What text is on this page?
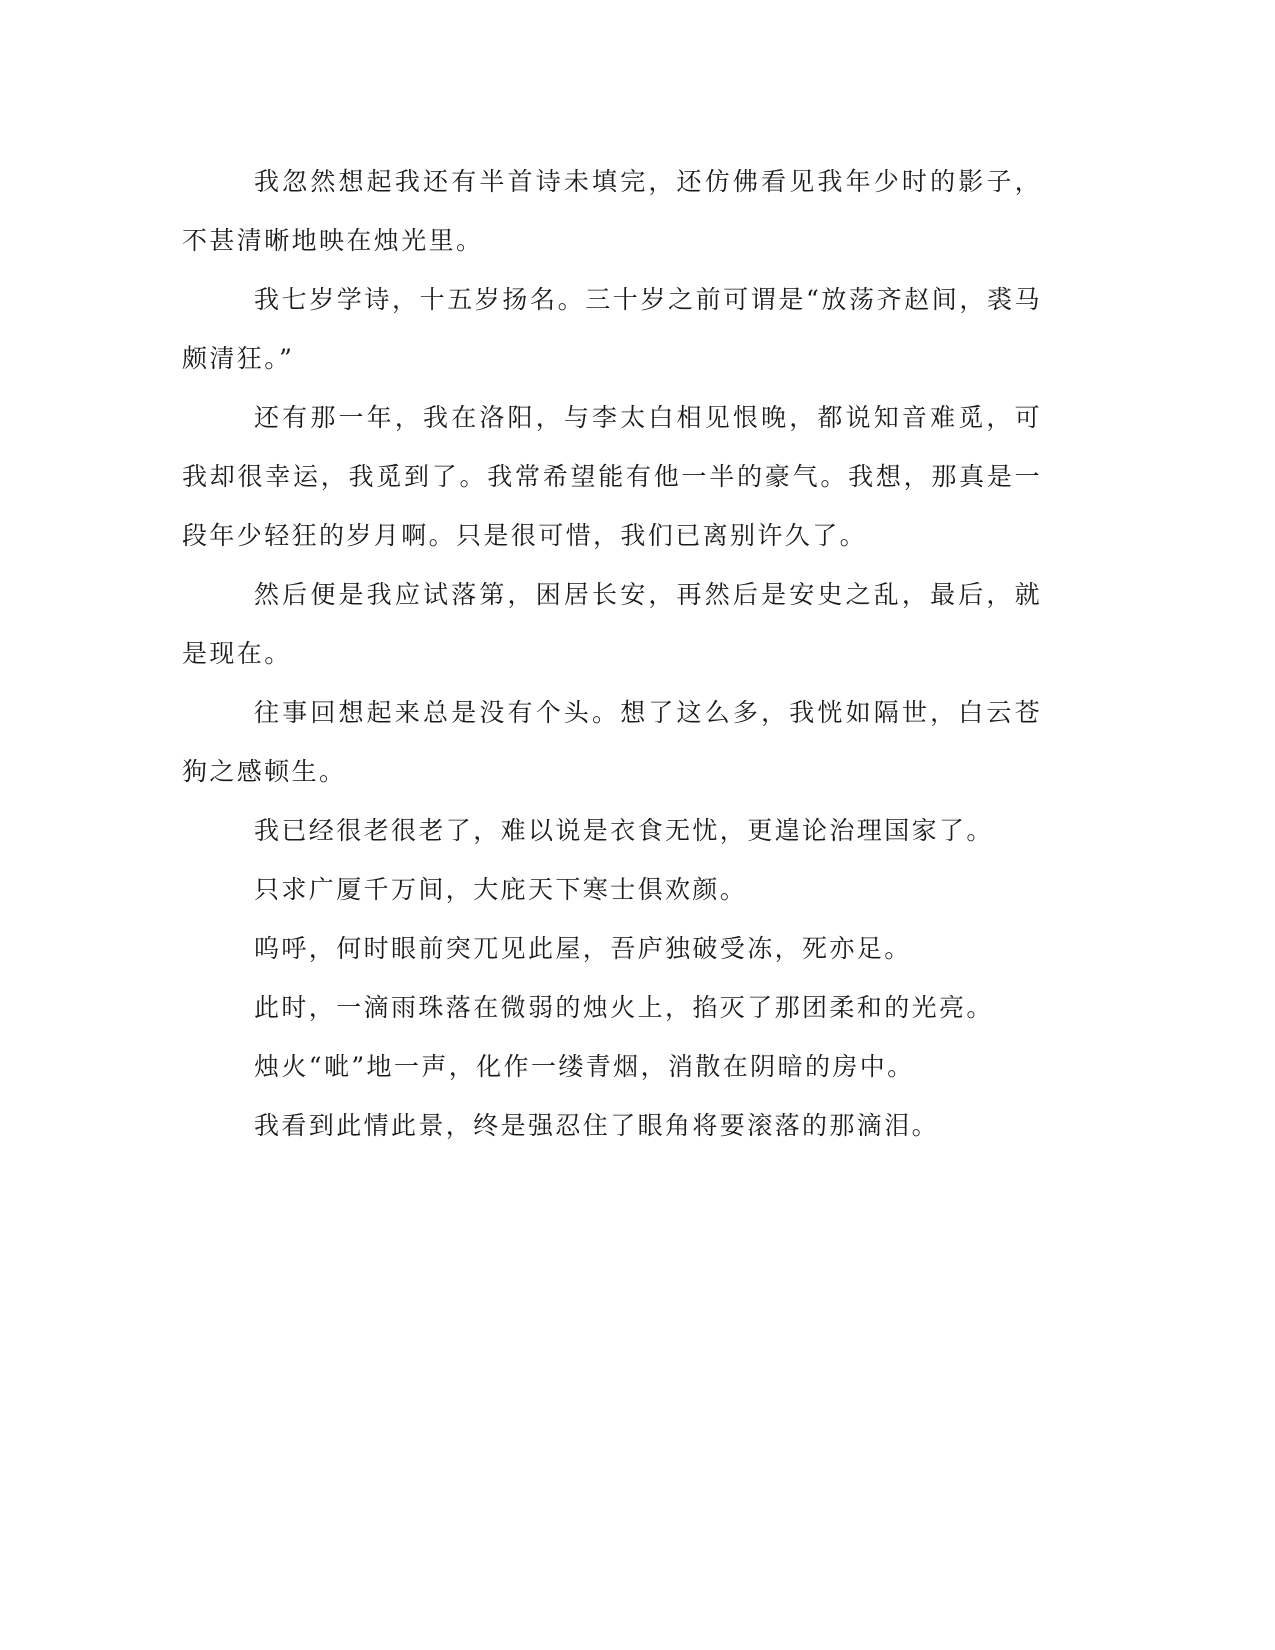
我忽然想起我还有半首诗未填完，还仿佛看见我年少时的影子，不甚清晰地映在烛光里。

我七岁学诗，十五岁扬名。三十岁之前可谓是“放荡齐赵间，裘马颇清狂。”

还有那一年，我在洛阳，与李太白相见恨晚，都说知音难觅，可我却很幸运，我觅到了。我常希望能有他一半的豪气。我想，那真是一段年少轻狂的岁月啊。只是很可惜，我们已离别许久了。

然后便是我应试落第，困居长安，再然后是安史之乱，最后，就是现在。

往事回想起来总是没有个头。想了这么多，我恍如隔世，白云苍狗之感顿生。

我已经很老很老了，难以说是衣食无忧，更遑论治理国家了。

只求广厦千万间，大庇天下寒士俱欢颜。

呜呼，何时眼前突兀见此屋，吾庐独破受冻，死亦足。

此时，一滴雨珠落在微弱的烛火上，掐灭了那团柔和的光亮。

烛火“呲”地一声，化作一缕青烟，消散在阴暗的房中。

我看到此情此景，终是强忍住了眼角将要滚落的那滴泪。
